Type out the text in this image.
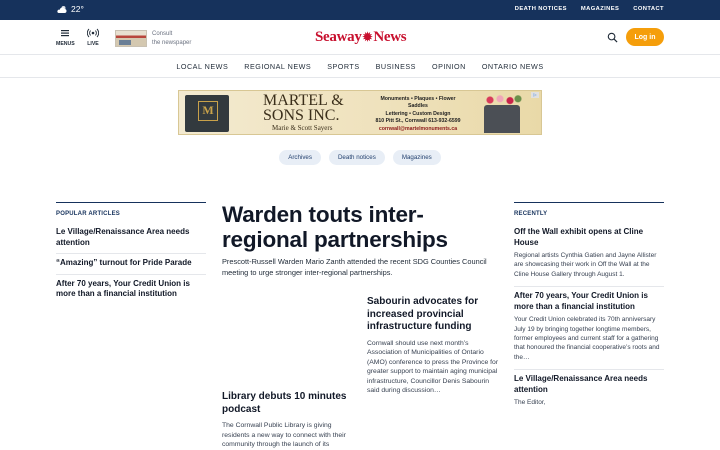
22°	DEATH NOTICES MAGAZINES CONTACT
MENUS	LIVE
Consult
the newspaper	Seaway ✹ News	Log in
LOCAL NEWS REGIONAL NEWS SPORTS BUSINESS OPINION ONTARIO NEWS
M
MARTEL &
SONS INC.
Marie & Scott Sayers
Monuments • Plaques • Flower Saddles
Lettering • Custom Design
810 Pitt St., Cornwall 613-932-6599
cornwall@martelmonuments.ca
▷
Archives	Death notices	Magazines
POPULAR ARTICLES
Le Village/Renaissance Area needs attention
“Amazing” turnout for Pride Parade
After 70 years, Your Credit Union is more than a financial institution
Warden touts inter-regional partnerships

Prescott-Russell Warden Mario Zanth attended the recent SDG Counties Council meeting to urge stronger inter-regional partnerships.

Sabourin advocates for increased provincial infrastructure funding

Cornwall should use next month’s Association of Municipalities of Ontario (AMO) conference to press the Province for greater support to maintain aging municipal infrastructure, Councillor Denis Sabourin said during discussion…

Library debuts 10 minutes podcast

The Cornwall Public Library is giving residents a new way to connect with their community through the launch of its

RECENTLY
Off the Wall exhibit opens at Cline House

Regional artists Cynthia Gatien and Jayne Allister are showcasing their work in Off the Wall at the Cline House Gallery through August 1.

After 70 years, Your Credit Union is more than a financial institution

Your Credit Union celebrated its 70th anniversary July 19 by bringing together longtime members, former employees and current staff for a gathering that honoured the financial cooperative’s roots and the…

Le Village/Renaissance Area needs attention

The Editor,
